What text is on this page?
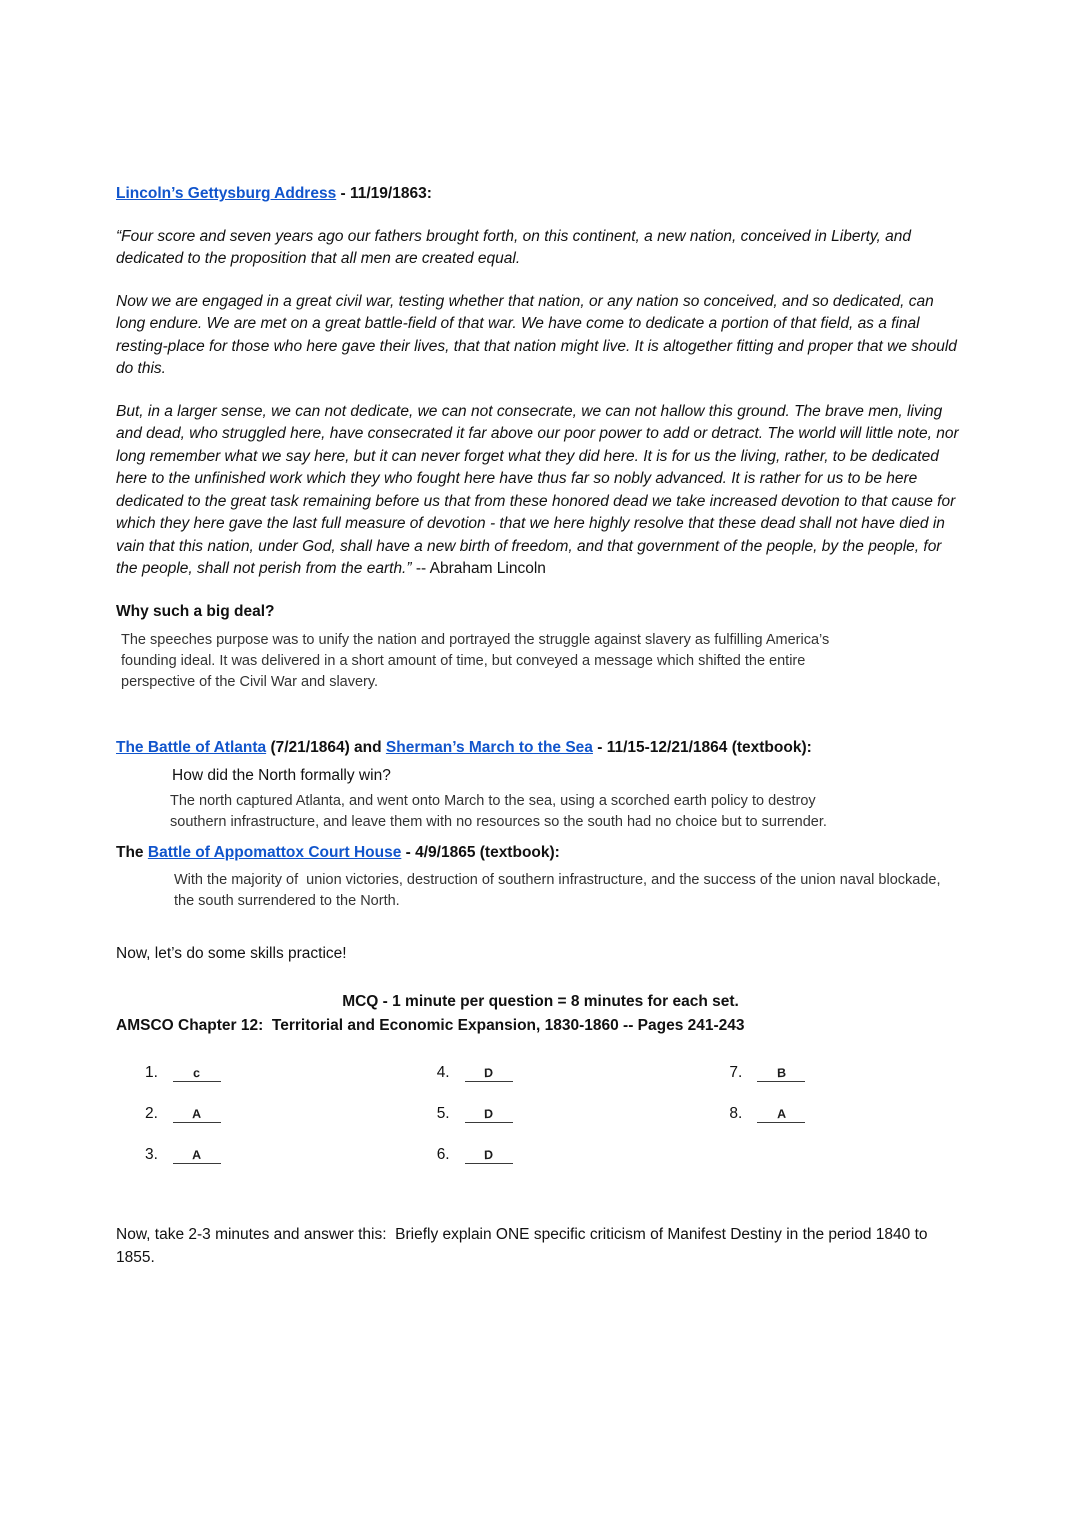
Lincoln’s Gettysburg Address - 11/19/1863:

“Four score and seven years ago our fathers brought forth, on this continent, a new nation, conceived in Liberty, and dedicated to the proposition that all men are created equal.

Now we are engaged in a great civil war, testing whether that nation, or any nation so conceived, and so dedicated, can long endure. We are met on a great battle-field of that war. We have come to dedicate a portion of that field, as a final resting-place for those who here gave their lives, that that nation might live. It is altogether fitting and proper that we should do this.

But, in a larger sense, we can not dedicate, we can not consecrate, we can not hallow this ground. The brave men, living and dead, who struggled here, have consecrated it far above our poor power to add or detract. The world will little note, nor long remember what we say here, but it can never forget what they did here. It is for us the living, rather, to be dedicated here to the unfinished work which they who fought here have thus far so nobly advanced. It is rather for us to be here dedicated to the great task remaining before us that from these honored dead we take increased devotion to that cause for which they here gave the last full measure of devotion - that we here highly resolve that these dead shall not have died in vain that this nation, under God, shall have a new birth of freedom, and that government of the people, by the people, for the people, shall not perish from the earth.” -- Abraham Lincoln

Why such a big deal?

The speeches purpose was to unify the nation and portrayed the struggle against slavery as fulfilling America’s founding ideal. It was delivered in a short amount of time, but conveyed a message which shifted the entire perspective of the Civil War and slavery.

The Battle of Atlanta (7/21/1864) and Sherman’s March to the Sea - 11/15-12/21/1864 (textbook):

How did the North formally win?

The north captured Atlanta, and went onto March to the sea, using a scorched earth policy to destroy southern infrastructure, and leave them with no resources so the south had no choice but to surrender.

The Battle of Appomattox Court House - 4/9/1865 (textbook):

With the majority of  union victories, destruction of southern infrastructure, and the success of the union naval blockade, the south surrendered to the North.

Now, let’s do some skills practice!

MCQ - 1 minute per question = 8 minutes for each set.

AMSCO Chapter 12:  Territorial and Economic Expansion, 1830-1860 -- Pages 241-243

1.	c
2.	A
3.	A
4.	D
5.	D
6.	D
7.	B
8.	A

Now, take 2-3 minutes and answer this:  Briefly explain ONE specific criticism of Manifest Destiny in the period 1840 to 1855.
